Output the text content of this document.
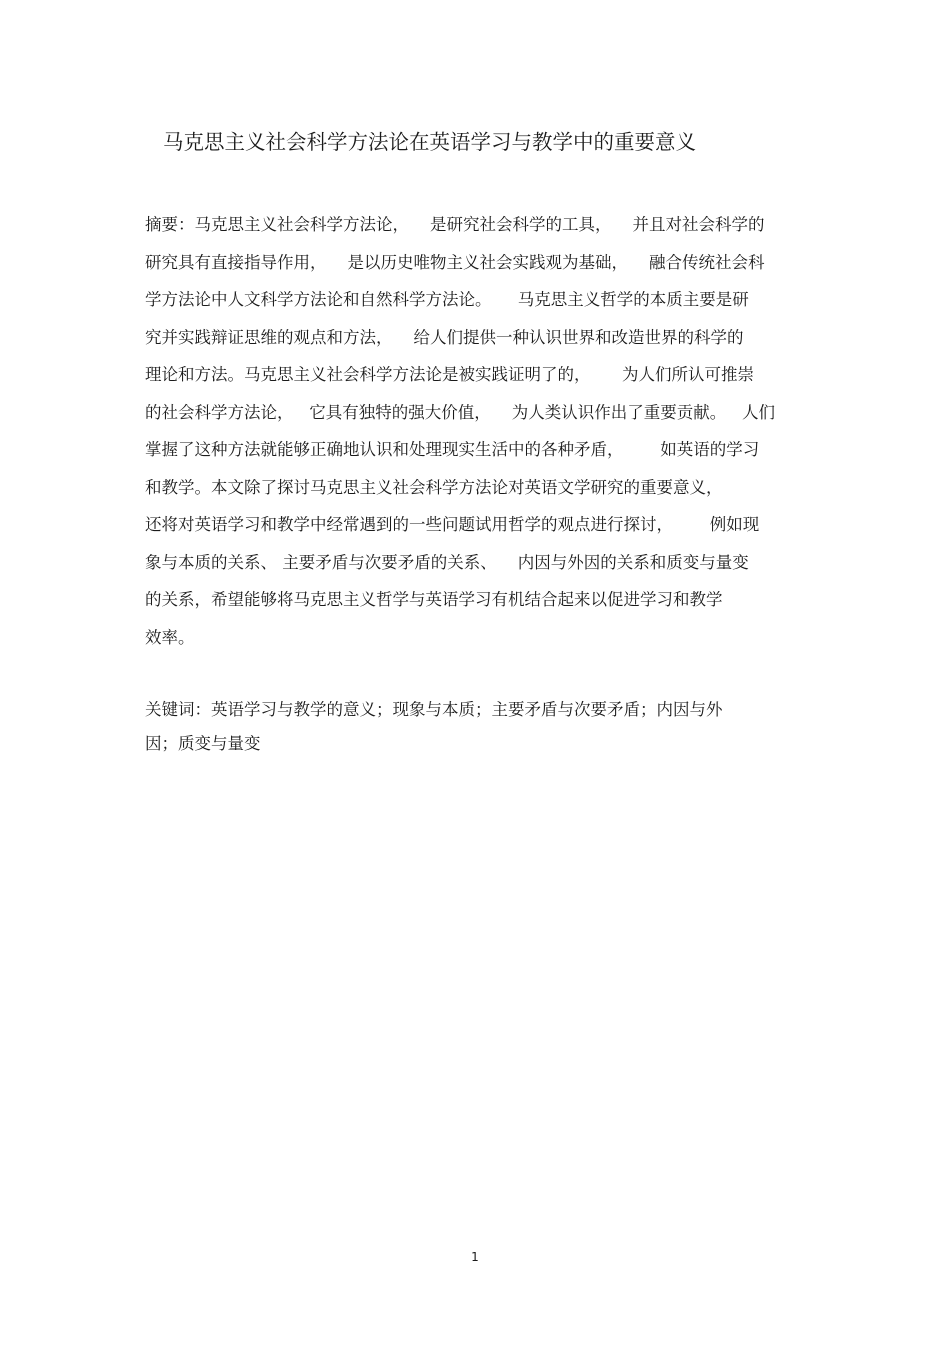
马克思主义社会科学方法论在英语学习与教学中的重要意义
摘要：马克思主义社会科学方法论，    是研究社会科学的工具，    并且对社会科学的
研究具有直接指导作用，    是以历史唯物主义社会实践观为基础，    融合传统社会科
学方法论中人文科学方法论和自然科学方法论。     马克思主义哲学的本质主要是研
究并实践辩证思维的观点和方法，    给人们提供一种认识世界和改造世界的科学的
理论和方法。马克思主义社会科学方法论是被实践证明了的，      为人们所认可推崇
的社会科学方法论，   它具有独特的强大价值，    为人类认识作出了重要贡献。   人们
掌握了这种方法就能够正确地认识和处理现实生活中的各种矛盾，       如英语的学习
和教学。本文除了探讨马克思主义社会科学方法论对英语文学研究的重要意义，
还将对英语学习和教学中经常遇到的一些问题试用哲学的观点进行探讨，       例如现
象与本质的关系、 主要矛盾与次要矛盾的关系、    内因与外因的关系和质变与量变
的关系，希望能够将马克思主义哲学与英语学习有机结合起来以促进学习和教学
效率。
关键词：英语学习与教学的意义；现象与本质；主要矛盾与次要矛盾；内因与外
因；质变与量变
1
